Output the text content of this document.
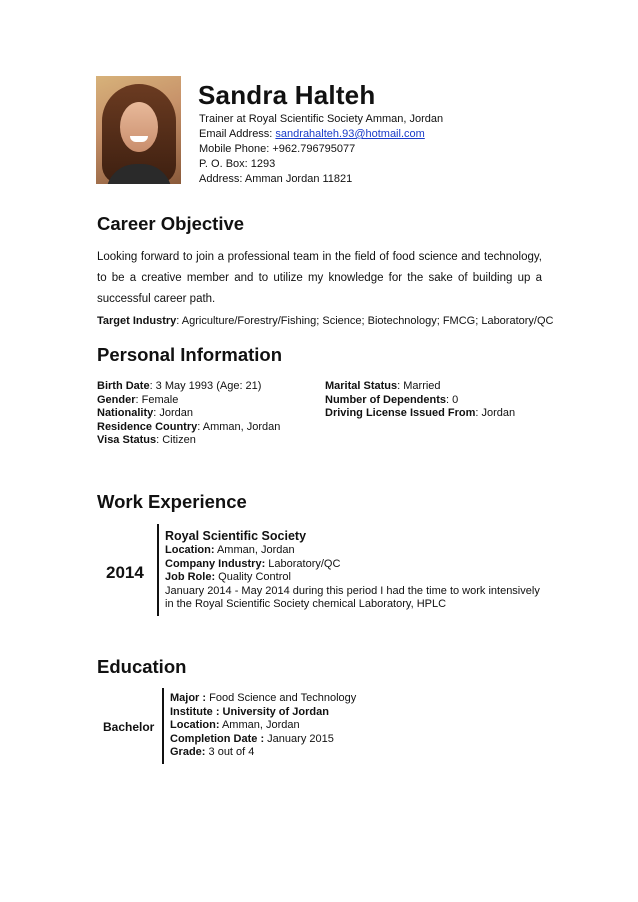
Sandra Halteh
Trainer at Royal Scientific Society Amman, Jordan
Email Address: sandrahalteh.93@hotmail.com
Mobile Phone: +962.796795077
P. O. Box: 1293
Address: Amman Jordan 11821
Career Objective
Looking forward to join a professional team in the field of food science and technology, to be a creative member and to utilize my knowledge for the sake of building up a successful career path.
Target Industry: Agriculture/Forestry/Fishing; Science; Biotechnology; FMCG; Laboratory/QC
Personal Information
Birth Date: 3 May 1993 (Age: 21)
Gender: Female
Nationality: Jordan
Residence Country: Amman, Jordan
Visa Status: Citizen
Marital Status: Married
Number of Dependents: 0
Driving License Issued From: Jordan
Work Experience
2014
Royal Scientific Society
Location: Amman, Jordan
Company Industry: Laboratory/QC
Job Role: Quality Control
January 2014 - May 2014 during this period I had the time to work intensively
in the Royal Scientific Society chemical Laboratory, HPLC
Education
Bachelor
Major : Food Science and Technology
Institute : University of Jordan
Location: Amman, Jordan
Completion Date : January 2015
Grade: 3 out of 4
